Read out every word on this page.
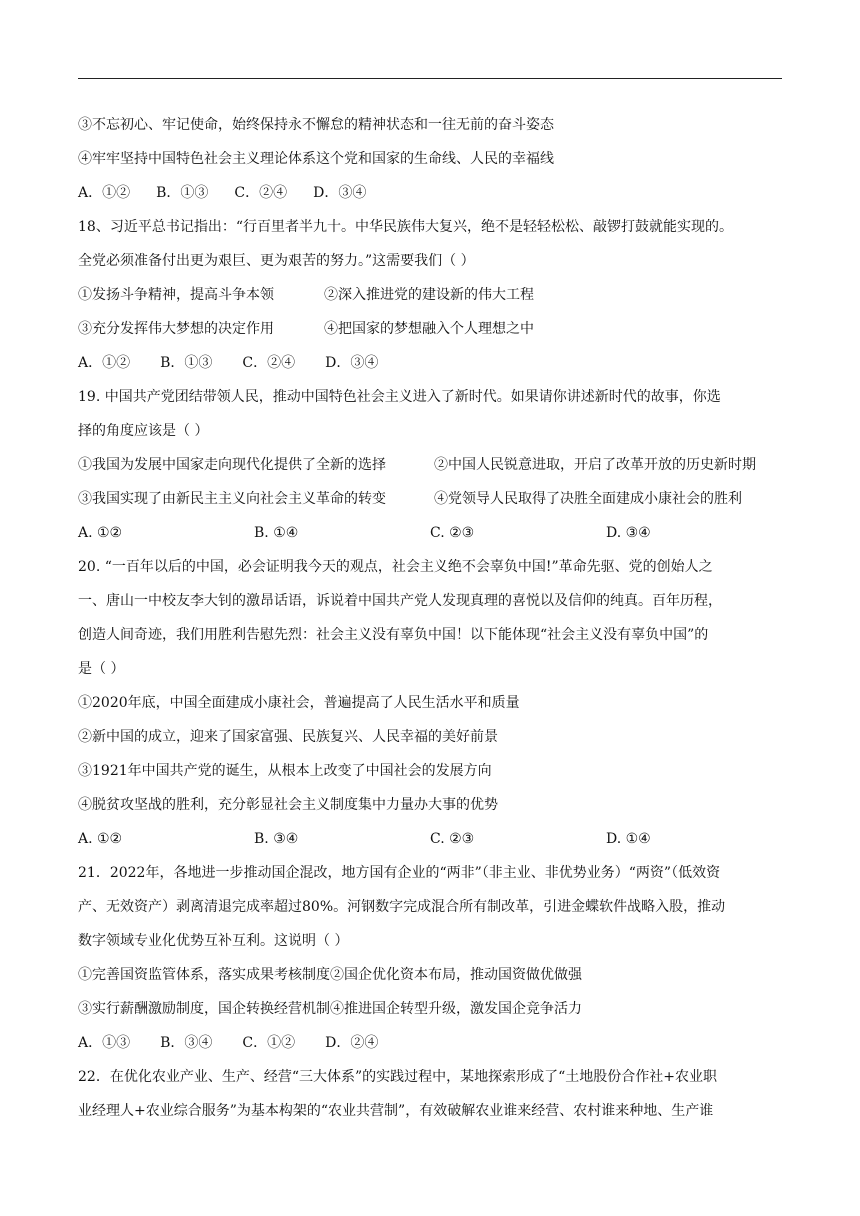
③不忘初心、牢记使命，始终保持永不懈怠的精神状态和一往无前的奋斗姿态
④牢牢坚持中国特色社会主义理论体系这个党和国家的生命线、人民的幸福线
A．①② B．①③ C．②④ D．③④
18、习近平总书记指出：“行百里者半九十。中华民族伟大复兴，绝不是轻轻松松、敲锣打鼓就能实现的。
全党必须准备付出更为艰巨、更为艰苦的努力。”这需要我们（ ）
①发扬斗争精神，提高斗争本领	②深入推进党的建设新的伟大工程
③充分发挥伟大梦想的决定作用	④把国家的梦想融入个人理想之中
A．①② B．①③ C．②④ D．③④
19. 中国共产党团结带领人民，推动中国特色社会主义进入了新时代。如果请你讲述新时代的故事，你选
择的角度应该是（ ）
①我国为发展中国家走向现代化提供了全新的选择	②中国人民锐意进取，开启了改革开放的历史新时期
③我国实现了由新民主主义向社会主义革命的转变	④党领导人民取得了决胜全面建成小康社会的胜利
A. ①②	B. ①④	C. ②③	D. ③④
20. “一百年以后的中国，必会证明我今天的观点，社会主义绝不会辜负中国!”革命先驱、党的创始人之
一、唐山一中校友李大钊的激昂话语，诉说着中国共产党人发现真理的喜悦以及信仰的纯真。百年历程，
创造人间奇迹，我们用胜利告慰先烈：社会主义没有辜负中国！以下能体现“社会主义没有辜负中国”的
是（ ）
①2020年底，中国全面建成小康社会，普遍提高了人民生活水平和质量
②新中国的成立，迎来了国家富强、民族复兴、人民幸福的美好前景
③1921年中国共产党的诞生，从根本上改变了中国社会的发展方向
④脱贫攻坚战的胜利，充分彰显社会主义制度集中力量办大事的优势
A. ①②	B. ③④	C. ②③	D. ①④
21．2022年，各地进一步推动国企混改，地方国有企业的“两非”（非主业、非优势业务）“两资”（低效资
产、无效资产）剥离清退完成率超过80%。河钢数字完成混合所有制改革，引进金蝶软件战略入股，推动
数字领域专业化优势互补互利。这说明（ ）
①完善国资监管体系，落实成果考核制度②国企优化资本布局，推动国资做优做强
③实行薪酬激励制度，国企转换经营机制④推进国企转型升级，激发国企竞争活力
A．①③ B．③④ C．①② D．②④
22．在优化农业产业、生产、经营“三大体系”的实践过程中，某地探索形成了“土地股份合作社+农业职
业经理人+农业综合服务”为基本构架的“农业共营制”，有效破解农业谁来经营、农村谁来种地、生产谁
